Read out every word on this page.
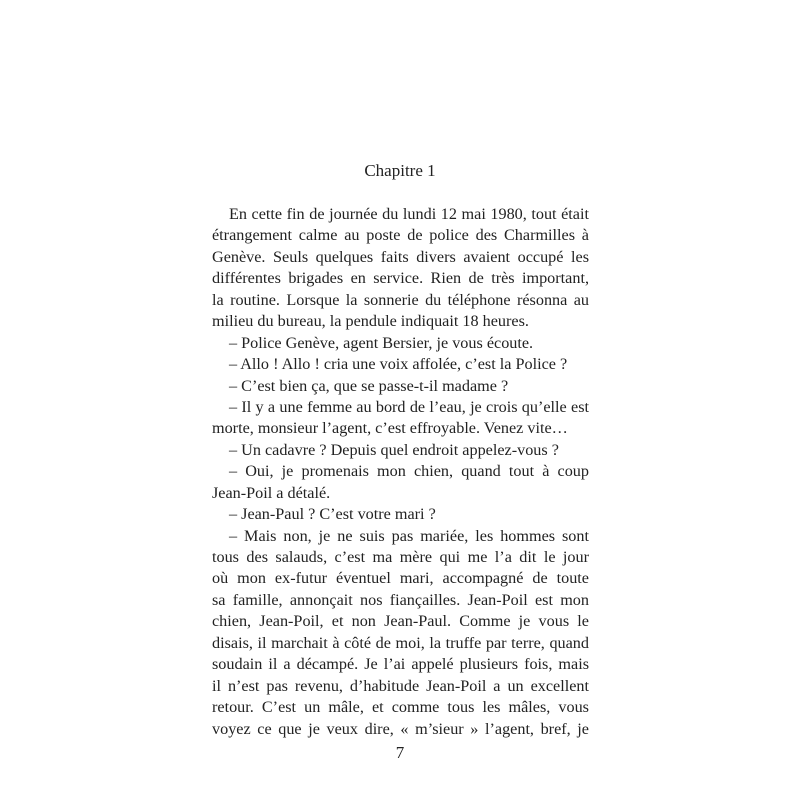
Chapitre 1
En cette fin de journée du lundi 12 mai 1980, tout était
étrangement calme au poste de police des Charmilles à
Genève. Seuls quelques faits divers avaient occupé les
différentes brigades en service. Rien de très important,
la routine. Lorsque la sonnerie du téléphone résonna au
milieu du bureau, la pendule indiquait 18 heures.
– Police Genève, agent Bersier, je vous écoute.
– Allo ! Allo ! cria une voix affolée, c’est la Police ?
– C’est bien ça, que se passe-t-il madame ?
– Il y a une femme au bord de l’eau, je crois qu’elle est
morte, monsieur l’agent, c’est effroyable. Venez vite…
– Un cadavre ? Depuis quel endroit appelez-vous ?
– Oui, je promenais mon chien, quand tout à coup
Jean-Poil a détalé.
– Jean-Paul ? C’est votre mari ?
– Mais non, je ne suis pas mariée, les hommes sont
tous des salauds, c’est ma mère qui me l’a dit le jour
où mon ex-futur éventuel mari, accompagné de toute
sa famille, annonçait nos fiançailles. Jean-Poil est mon
chien, Jean-Poil, et non Jean-Paul. Comme je vous le
disais, il marchait à côté de moi, la truffe par terre, quand
soudain il a décampé. Je l’ai appelé plusieurs fois, mais
il n’est pas revenu, d’habitude Jean-Poil a un excellent
retour. C’est un mâle, et comme tous les mâles, vous
voyez ce que je veux dire, « m’sieur » l’agent, bref, je
7
